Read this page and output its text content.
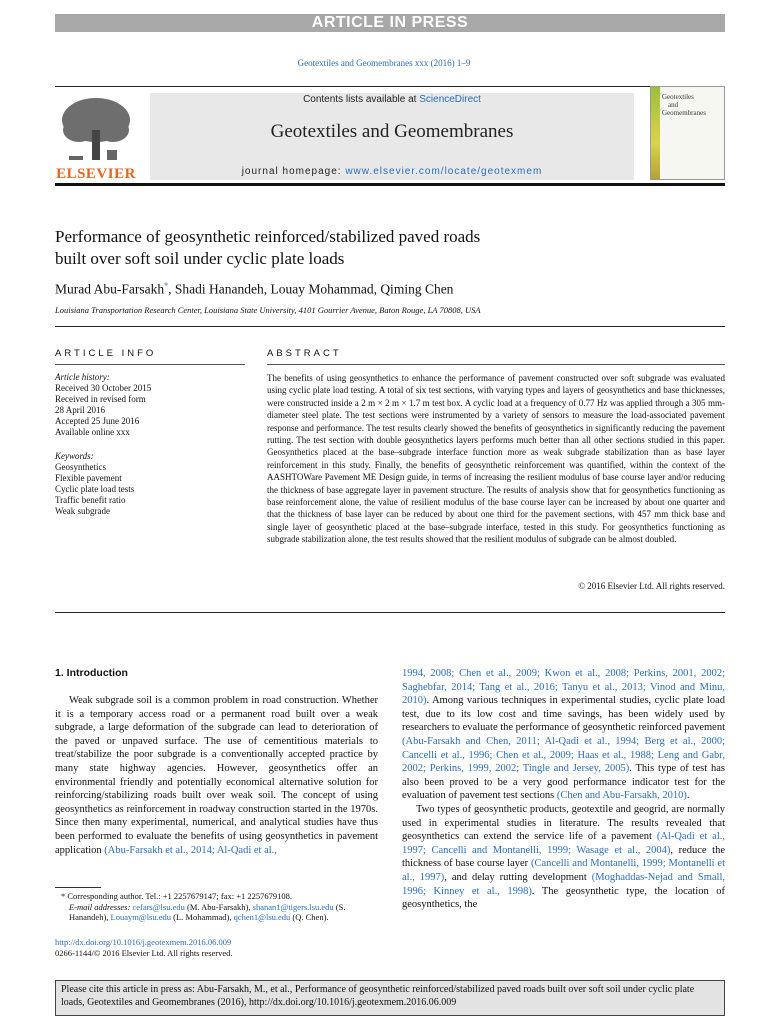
ARTICLE IN PRESS
Geotextiles and Geomembranes xxx (2016) 1–9
ELSEVIER
Contents lists available at ScienceDirect
Geotextiles and Geomembranes
journal homepage: www.elsevier.com/locate/geotexmem
Geotextiles
and
Geomembranes
Performance of geosynthetic reinforced/stabilized paved roads
built over soft soil under cyclic plate loads
Murad Abu-Farsakh*, Shadi Hanandeh, Louay Mohammad, Qiming Chen
Louisiana Transportation Research Center, Louisiana State University, 4101 Gourrier Avenue, Baton Rouge, LA 70808, USA
ARTICLE INFO	ABSTRACT
Article history:
Received 30 October 2015
Received in revised form
28 April 2016
Accepted 25 June 2016
Available online xxx
Keywords:
Geosynthetics
Flexible pavement
Cyclic plate load tests
Traffic benefit ratio
Weak subgrade
The benefits of using geosynthetics to enhance the performance of pavement constructed over soft subgrade was evaluated using cyclic plate load testing. A total of six test sections, with varying types and layers of geosynthetics and base thicknesses, were constructed inside a 2 m × 2 m × 1.7 m test box. A cyclic load at a frequency of 0.77 Hz was applied through a 305 mm-diameter steel plate. The test sections were instrumented by a variety of sensors to measure the load-associated pavement response and performance. The test results clearly showed the benefits of geosynthetics in significantly reducing the pavement rutting. The test section with double geosynthetics layers performs much better than all other sections studied in this paper. Geosynthetics placed at the base–subgrade interface function more as weak subgrade stabilization than as base layer reinforcement in this study. Finally, the benefits of geosynthetic reinforcement was quantified, within the context of the AASHTOWare Pavement ME Design guide, in terms of increasing the resilient modulus of base course layer and/or reducing the thickness of base aggregate layer in pavement structure. The results of analysis show that for geosynthetics functioning as base reinforcement alone, the value of resilient modulus of the base course layer can be increased by about one quarter and that the thickness of base layer can be reduced by about one third for the pavement sections, with 457 mm thick base and single layer of geosynthetic placed at the base–subgrade interface, tested in this study. For geosynthetics functioning as subgrade stabilization alone, the test results showed that the resilient modulus of subgrade can be almost doubled.
© 2016 Elsevier Ltd. All rights reserved.
1. Introduction

Weak subgrade soil is a common problem in road construction. Whether it is a temporary access road or a permanent road built over a weak subgrade, a large deformation of the subgrade can lead to deterioration of the paved or unpaved surface. The use of cementitious materials to treat/stabilize the poor subgrade is a conventionally accepted practice by many state highway agencies. However, geosynthetics offer an environmental friendly and potentially economical alternative solution for reinforcing/stabilizing roads built over weak soil. The concept of using geosynthetics as reinforcement in roadway construction started in the 1970s. Since then many experimental, numerical, and analytical studies have thus been performed to evaluate the benefits of using geosynthetics in pavement application (Abu-Farsakh et al., 2014; Al-Qadi et al.,

1994, 2008; Chen et al., 2009; Kwon et al., 2008; Perkins, 2001, 2002; Saghebfar, 2014; Tang et al., 2016; Tanyu et al., 2013; Vinod and Minu, 2010). Among various techniques in experimental studies, cyclic plate load test, due to its low cost and time savings, has been widely used by researchers to evaluate the performance of geosynthetic reinforced pavement (Abu-Farsakh and Chen, 2011; Al-Qadi et al., 1994; Berg et al., 2000; Cancelli et al., 1996; Chen et al., 2009; Haas et al., 1988; Leng and Gabr, 2002; Perkins, 1999, 2002; Tingle and Jersey, 2005). This type of test has also been proved to be a very good performance indicator test for the evaluation of pavement test sections (Chen and Abu-Farsakh, 2010).

Two types of geosynthetic products, geotextile and geogrid, are normally used in experimental studies in literature. The results revealed that geosynthetics can extend the service life of a pavement (Al-Qadi et al., 1997; Cancelli and Montanelli, 1999; Wasage et al., 2004), reduce the thickness of base course layer (Cancelli and Montanelli, 1999; Montanelli et al., 1997), and delay rutting development (Moghaddas-Nejad and Small, 1996; Kinney et al., 1998). The geosynthetic type, the location of geosynthetics, the

* Corresponding author. Tel.: +1 2257679147; fax: +1 2257679108.
E-mail addresses: cefars@lsu.edu (M. Abu-Farsakh), shanan1@tigers.lsu.edu (S. Hanandeh), Louaym@lsu.edu (L. Mohammad), qchen1@lsu.edu (Q. Chen).
http://dx.doi.org/10.1016/j.geotexmem.2016.06.009
0266-1144/© 2016 Elsevier Ltd. All rights reserved.
Please cite this article in press as: Abu-Farsakh, M., et al., Performance of geosynthetic reinforced/stabilized paved roads built over soft soil under cyclic plate loads, Geotextiles and Geomembranes (2016), http://dx.doi.org/10.1016/j.geotexmem.2016.06.009
